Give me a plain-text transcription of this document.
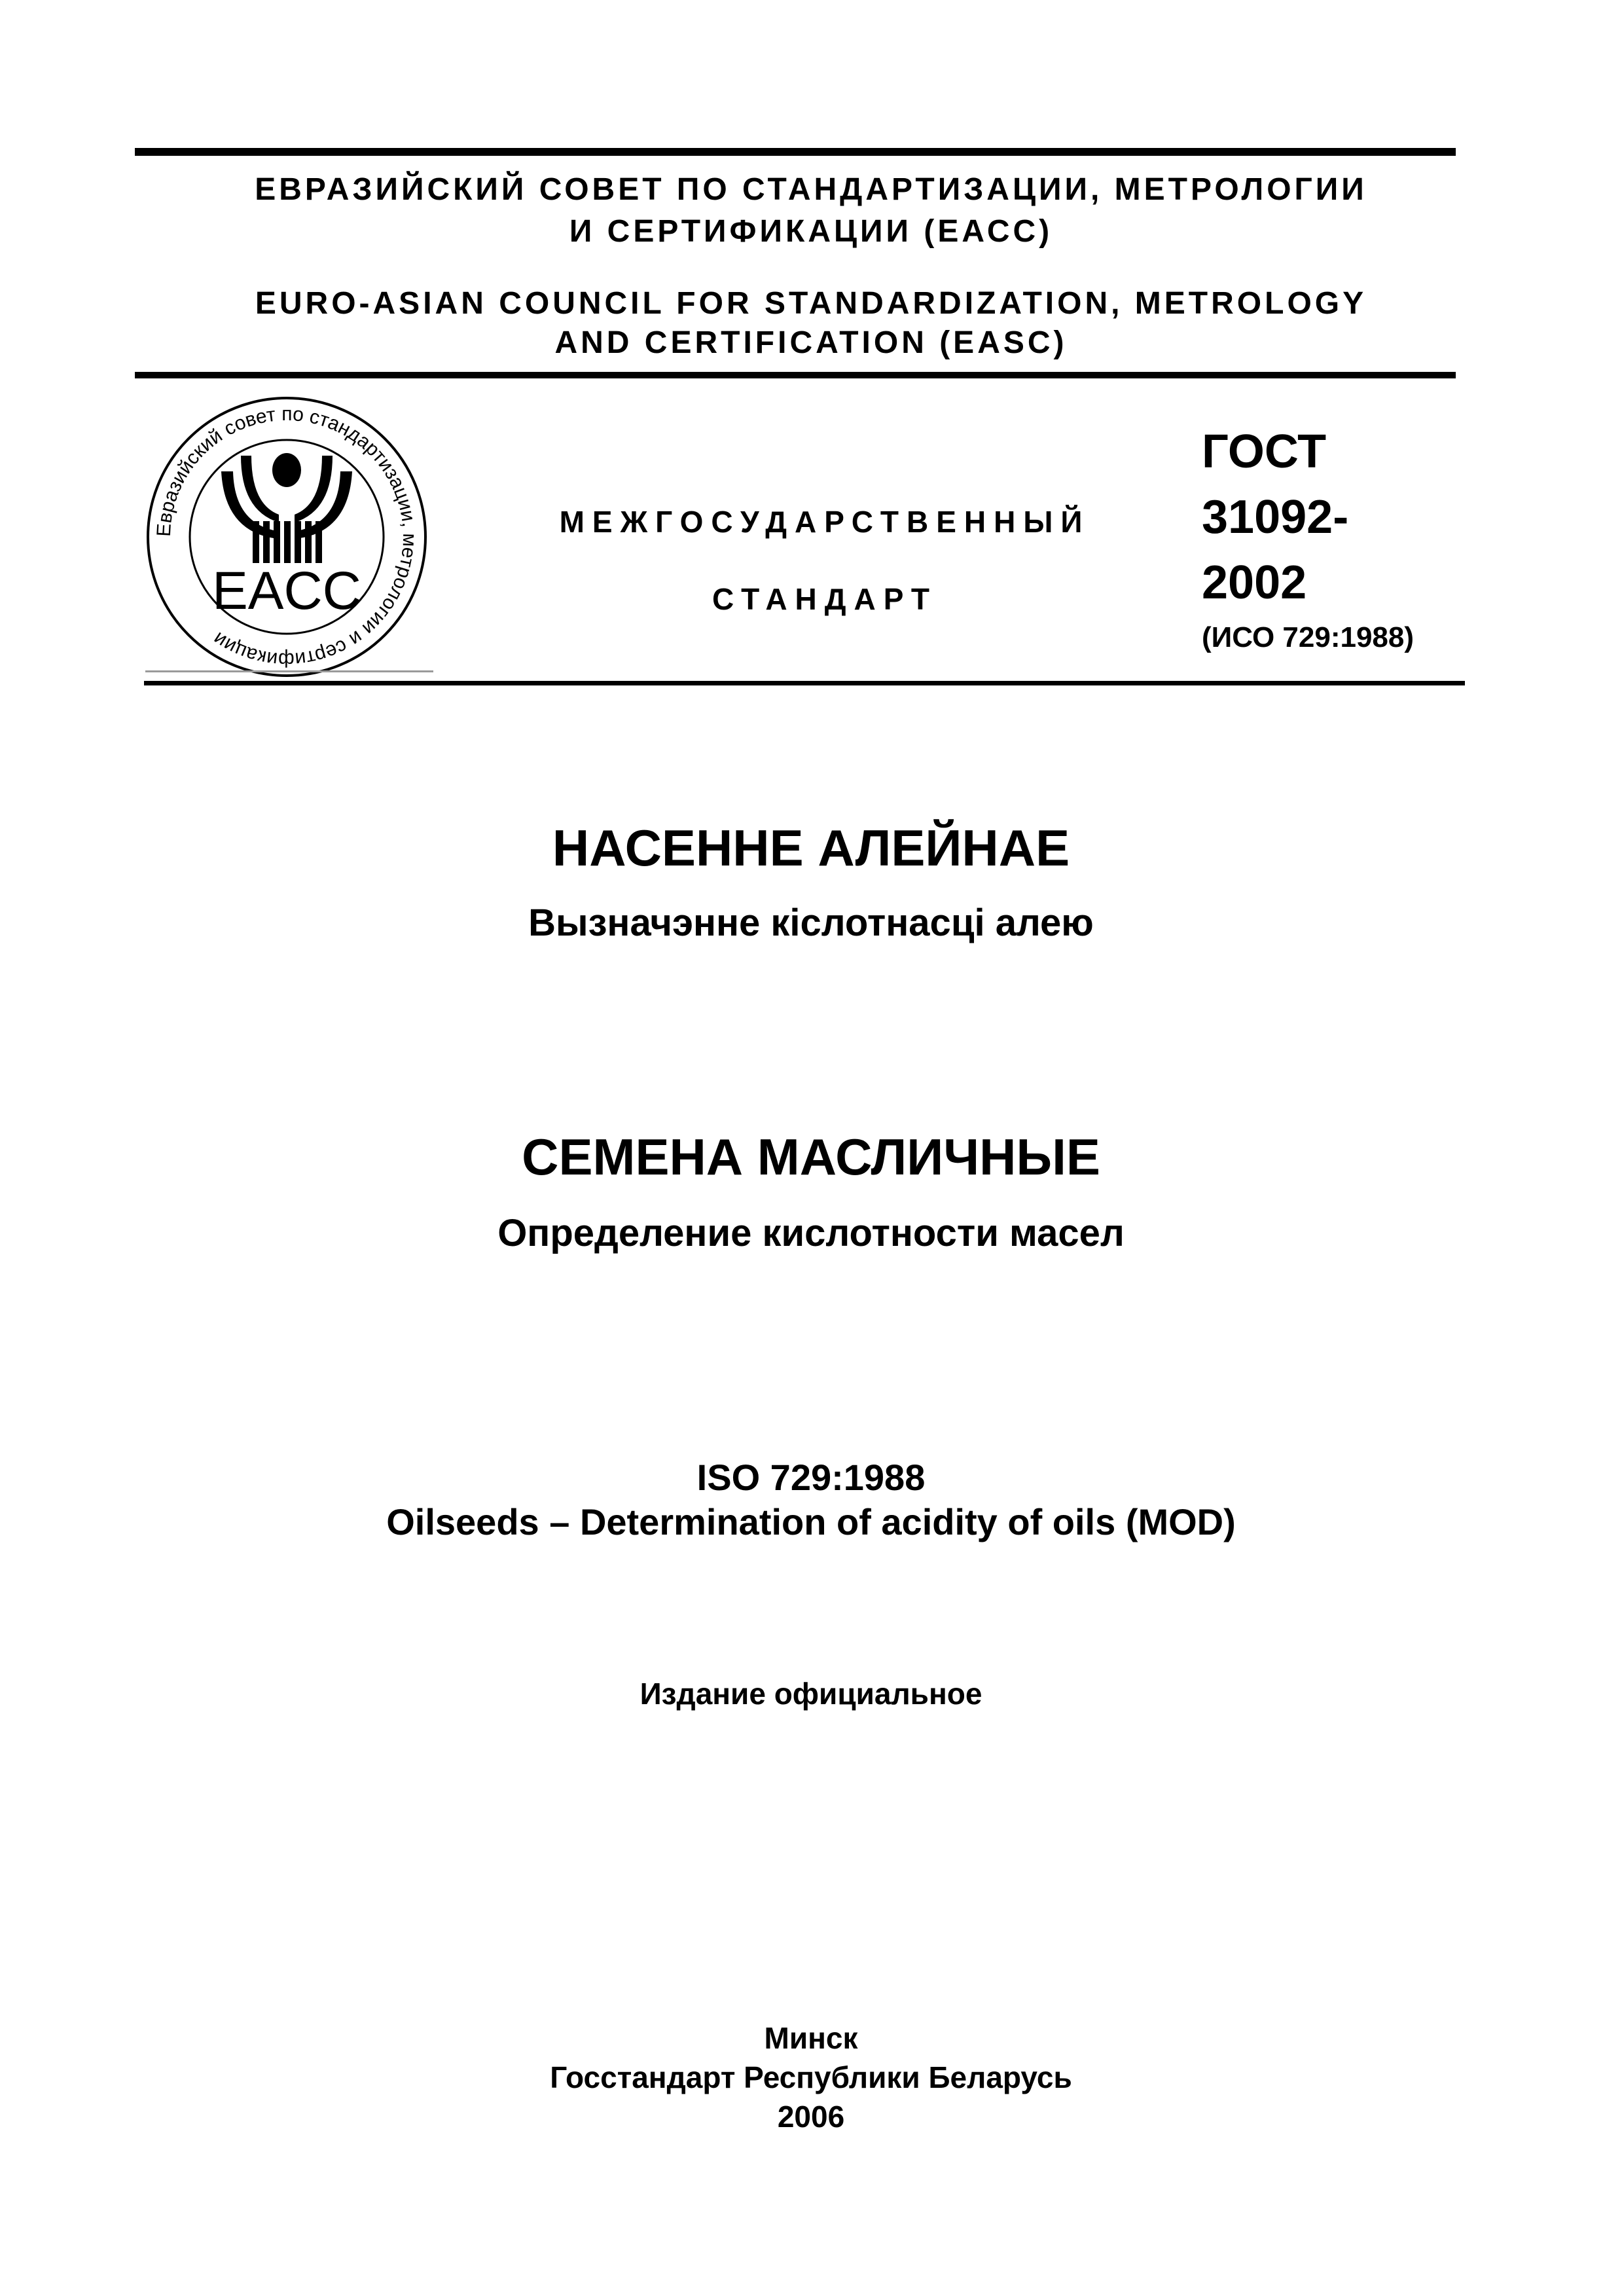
ЕВРАЗИЙСКИЙ СОВЕТ ПО СТАНДАРТИЗАЦИИ, МЕТРОЛОГИИ
И СЕРТИФИКАЦИИ (ЕАСС)
EURO-ASIAN COUNCIL FOR STANDARDIZATION, METROLOGY
AND CERTIFICATION (EASC)
Евразийский совет по стандартизации, метрологии и сертификации
EACC
МЕЖГОСУДАРСТВЕННЫЙ
СТАНДАРТ
ГОСТ
31092-
2002
(ИСО 729:1988)
НАСЕННЕ АЛЕЙНАЕ
Вызначэнне кіслотнасці алею
СЕМЕНА МАСЛИЧНЫЕ
Определение кислотности масел
ISO 729:1988
Oilseeds – Determination of acidity of oils (MOD)
Издание официальное
Минск
Госстандарт Республики Беларусь
2006
